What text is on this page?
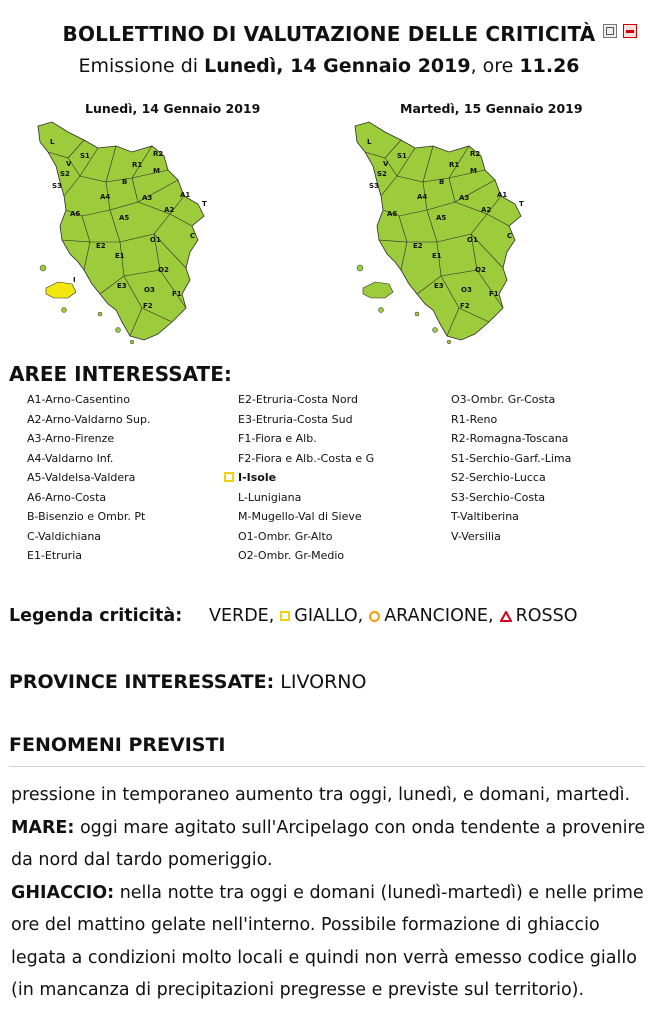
BOLLETTINO DI VALUTAZIONE DELLE CRITICITÀ
Emissione di Lunedì, 14 Gennaio 2019, ore 11.26
Lunedì, 14 Gennaio 2019	Martedì, 15 Gennaio 2019
L
S1	R2
V
M
S2
R1
S3
A4	A3	A1
T
A6	A5
A2
B
O1	C
E2
E1
O2
I
E3 O3 F1
F2
L
S1	R2
V
M
S2
R1
S3
A4	A3	A1
T
A6	A5
A2
B
O1	C
E2
E1
O2
E3 O3 F1
F2
AREE INTERESSATE:
A1-Arno-Casentino
A2-Arno-Valdarno Sup.
A3-Arno-Firenze
A4-Valdarno Inf.
A5-Valdelsa-Valdera
A6-Arno-Costa
B-Bisenzio e Ombr. Pt
C-Valdichiana
E1-Etruria
E2-Etruria-Costa Nord
E3-Etruria-Costa Sud
F1-Fiora e Alb.
F2-Fiora e Alb.-Costa e G
I-Isole
L-Lunigiana
M-Mugello-Val di Sieve
O1-Ombr. Gr-Alto
O2-Ombr. Gr-Medio
O3-Ombr. Gr-Costa
R1-Reno
R2-Romagna-Toscana
S1-Serchio-Garf.-Lima
S2-Serchio-Lucca
S3-Serchio-Costa
T-Valtiberina
V-Versilia
Legenda criticità:	VERDE, GIALLO, ARANCIONE, ROSSO
PROVINCE INTERESSATE: LIVORNO
FENOMENI PREVISTI
pressione in temporaneo aumento tra oggi, lunedì, e domani, martedì.
MARE: oggi mare agitato sull'Arcipelago con onda tendente a provenire
da nord dal tardo pomeriggio.
GHIACCIO: nella notte tra oggi e domani (lunedì-martedì) e nelle prime
ore del mattino gelate nell'interno. Possibile formazione di ghiaccio
legata a condizioni molto locali e quindi non verrà emesso codice giallo
(in mancanza di precipitazioni pregresse e previste sul territorio).
